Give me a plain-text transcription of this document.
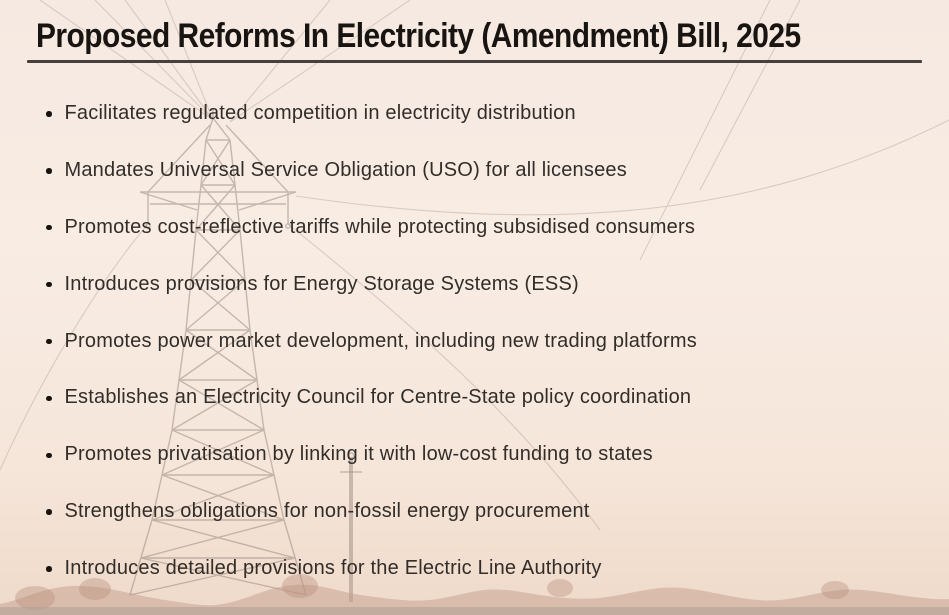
Proposed Reforms In Electricity (Amendment) Bill, 2025
Facilitates regulated competition in electricity distribution
Mandates Universal Service Obligation (USO) for all licensees
Promotes cost-reflective tariffs while protecting subsidised consumers
Introduces provisions for Energy Storage Systems (ESS)
Promotes power market development, including new trading platforms
Establishes an Electricity Council for Centre-State policy coordination
Promotes privatisation by linking it with low-cost funding to states
Strengthens obligations for non-fossil energy procurement
Introduces detailed provisions for the Electric Line Authority
